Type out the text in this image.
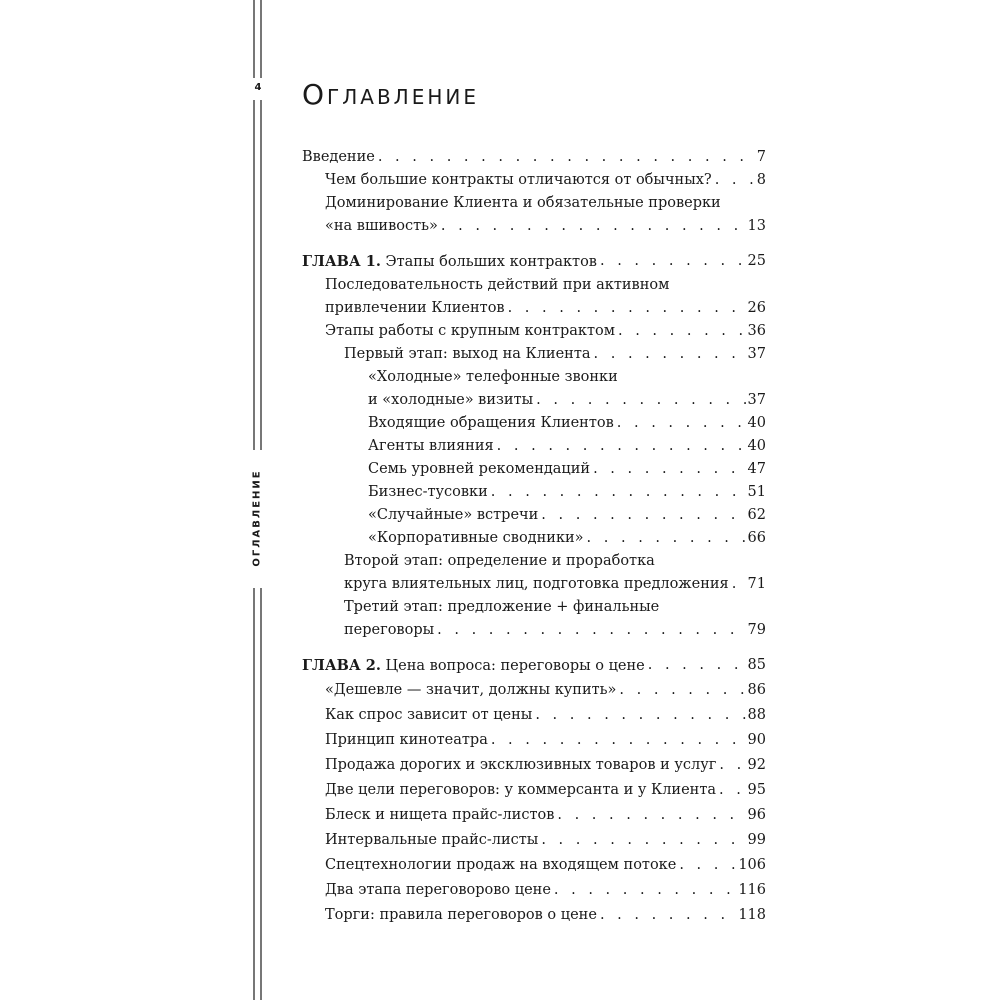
4
ОГЛАВЛЕНИЕ
Оглавление
Введение . . .	7
Чем большие контракты отличаются от обычных? . . .	8
Доминирование Клиента и обязательные проверки
«на вшивость» . . .	13
ГЛАВА 1. Этапы больших контрактов . . .	25
Последовательность действий при активном
привлечении Клиентов . . .	26
Этапы работы с крупным контрактом . . .	36
Первый этап: выход на Клиента . . .	37
«Холодные» телефонные звонки
и «холодные» визиты . . .	37
Входящие обращения Клиентов . . .	40
Агенты влияния . . .	40
Семь уровней рекомендаций . . .	47
Бизнес-тусовки . . .	51
«Случайные» встречи . . .	62
«Корпоративные сводники» . . .	66
Второй этап: определение и проработка
круга влиятельных лиц, подготовка предложения . . . 71
Третий этап: предложение + финальные
переговоры . . .	79
ГЛАВА 2. Цена вопроса: переговоры о цене . . .	85
«Дешевле — значит, должны купить» . . .	86
Как спрос зависит от цены . . .	88
Принцип кинотеатра . . .	90
Продажа дорогих и эксклюзивных товаров и услуг . . . 92
Две цели переговоров: у коммерсанта и у Клиента . . . 95
Блеск и нищета прайс-листов . . .	96
Интервальные прайс-листы . . .	99
Спецтехнологии продаж на входящем потоке . . .	106
Два этапа переговорово цене . . .	116
Торги: правила переговоров о цене . . .	118
